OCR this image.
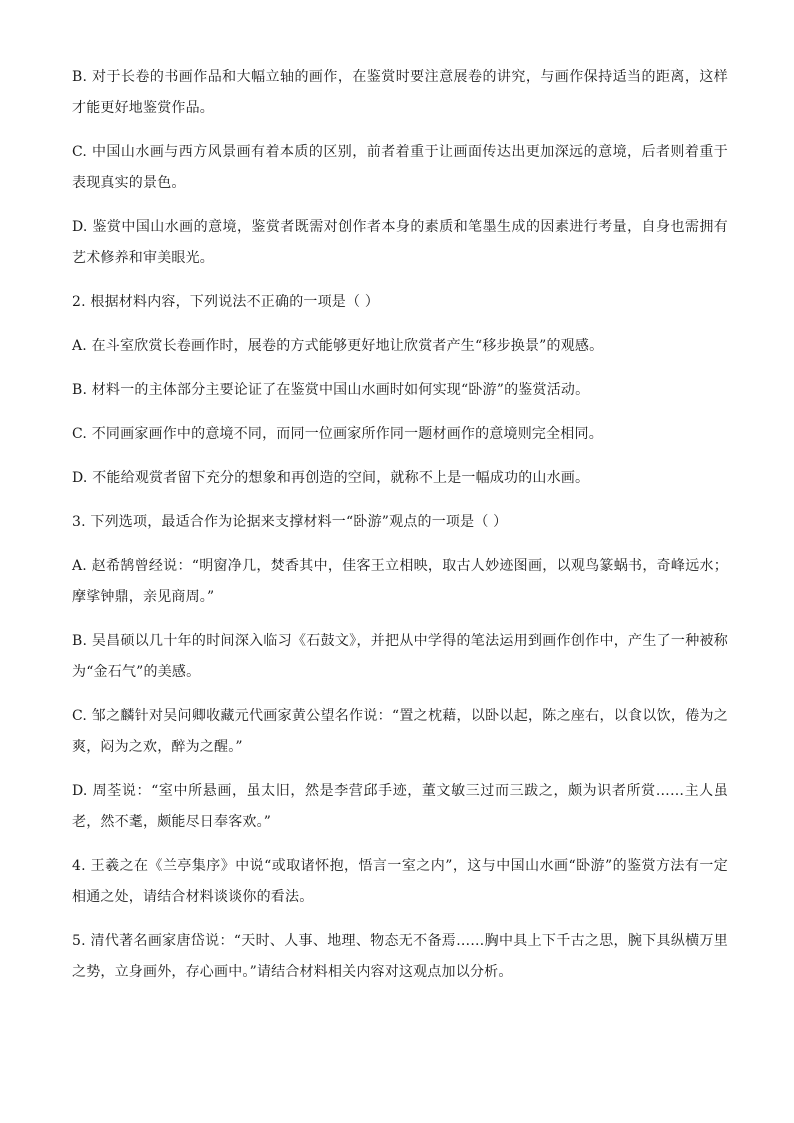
B. 对于长卷的书画作品和大幅立轴的画作，在鉴赏时要注意展卷的讲究，与画作保持适当的距离，这样才能更好地鉴赏作品。

C. 中国山水画与西方风景画有着本质的区别，前者着重于让画面传达出更加深远的意境，后者则着重于表现真实的景色。

D. 鉴赏中国山水画的意境，鉴赏者既需对创作者本身的素质和笔墨生成的因素进行考量，自身也需拥有艺术修养和审美眼光。

2. 根据材料内容，下列说法不正确的一项是（ ）

A. 在斗室欣赏长卷画作时，展卷的方式能够更好地让欣赏者产生“移步换景”的观感。

B. 材料一的主体部分主要论证了在鉴赏中国山水画时如何实现“卧游”的鉴赏活动。

C. 不同画家画作中的意境不同，而同一位画家所作同一题材画作的意境则完全相同。

D. 不能给观赏者留下充分的想象和再创造的空间，就称不上是一幅成功的山水画。

3. 下列选项，最适合作为论据来支撑材料一“卧游”观点的一项是（ ）

A. 赵希鹄曾经说：“明窗净几，焚香其中，佳客王立相映，取古人妙迹图画，以观鸟篆蜗书，奇峰远水；摩挲钟鼎，亲见商周。”

B. 吴昌硕以几十年的时间深入临习《石鼓文》，并把从中学得的笔法运用到画作创作中，产生了一种被称为“金石气”的美感。

C. 邹之麟针对吴问卿收藏元代画家黄公望名作说：“置之枕藉，以卧以起，陈之座右，以食以饮，倦为之爽，闷为之欢，醉为之醒。”

D. 周荃说：“室中所悬画，虽太旧，然是李营邱手迹，董文敏三过而三跋之，颇为识者所赏……主人虽老，然不耄，颇能尽日奉客欢。”

4. 王羲之在《兰亭集序》中说“或取诸怀抱，悟言一室之内”，这与中国山水画“卧游”的鉴赏方法有一定相通之处，请结合材料谈谈你的看法。

5. 清代著名画家唐岱说：“天时、人事、地理、物态无不备焉……胸中具上下千古之思，腕下具纵横万里之势，立身画外，存心画中。”请结合材料相关内容对这观点加以分析。
